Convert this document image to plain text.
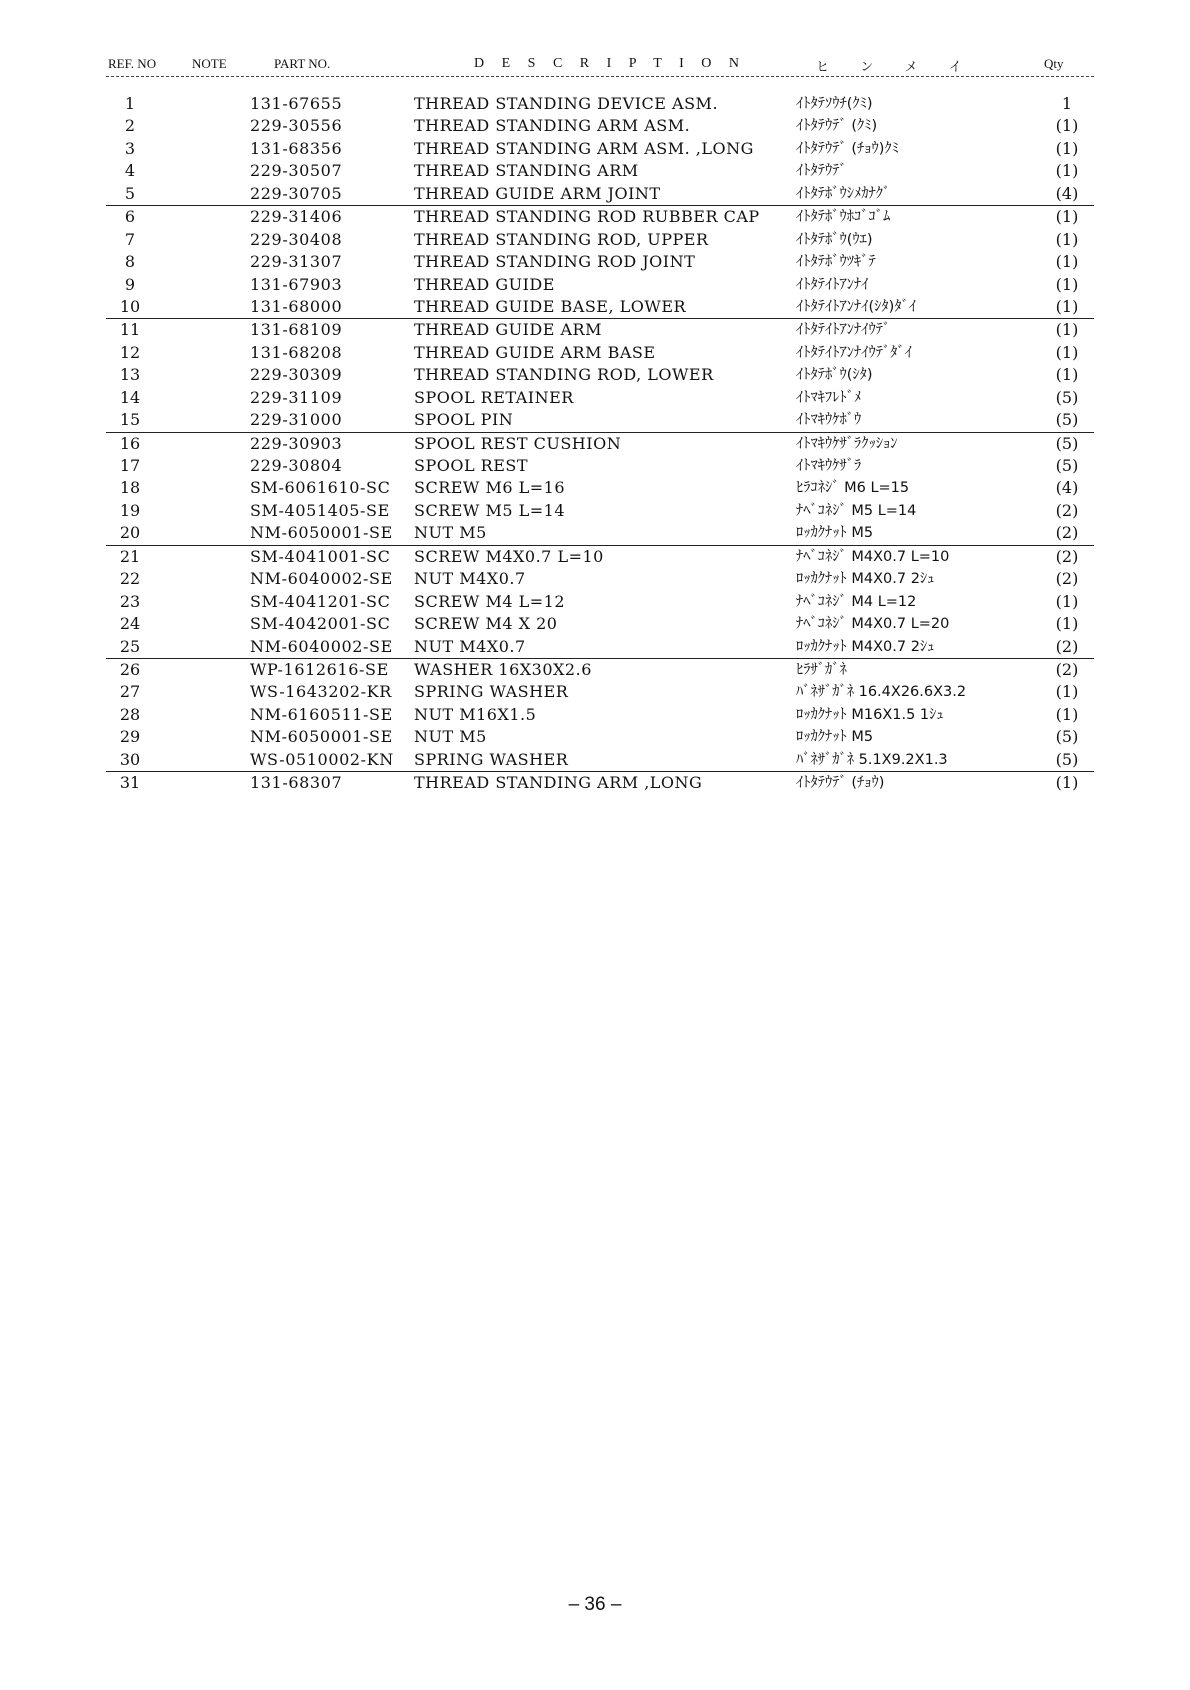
REF. NO	NOTE	PART NO.	D E S C R I P T I O N	ヒ ン メ イ	Qty
1	131-67655	THREAD STANDING DEVICE ASM.	ｲﾄﾀﾃｿｳﾁ(ｸﾐ)	1
2	229-30556	THREAD STANDING ARM ASM.	ｲﾄﾀﾃｳﾃﾞ (ｸﾐ)	(1)
3	131-68356	THREAD STANDING ARM ASM. ,LONG	ｲﾄﾀﾃｳﾃﾞ (ﾁｮｳ)ｸﾐ	(1)
4	229-30507	THREAD STANDING ARM	ｲﾄﾀﾃｳﾃﾞ	(1)
5	229-30705	THREAD GUIDE ARM JOINT	ｲﾄﾀﾃﾎﾞｳｼﾒｶﾅｸﾞ	(4)
6	229-31406	THREAD STANDING ROD RUBBER CAP	ｲﾄﾀﾃﾎﾞｳﾎｺﾞｺﾞﾑ	(1)
7	229-30408	THREAD STANDING ROD, UPPER	ｲﾄﾀﾃﾎﾞｳ(ｳｴ)	(1)
8	229-31307	THREAD STANDING ROD JOINT	ｲﾄﾀﾃﾎﾞｳﾂｷﾞﾃ	(1)
9	131-67903	THREAD GUIDE	ｲﾄﾀﾃｲﾄｱﾝﾅｲ	(1)
10	131-68000	THREAD GUIDE BASE, LOWER	ｲﾄﾀﾃｲﾄｱﾝﾅｲ(ｼﾀ)ﾀﾞｲ	(1)
11	131-68109	THREAD GUIDE ARM	ｲﾄﾀﾃｲﾄｱﾝﾅｲｳﾃﾞ	(1)
12	131-68208	THREAD GUIDE ARM BASE	ｲﾄﾀﾃｲﾄｱﾝﾅｲｳﾃﾞﾀﾞｲ	(1)
13	229-30309	THREAD STANDING ROD, LOWER	ｲﾄﾀﾃﾎﾞｳ(ｼﾀ)	(1)
14	229-31109	SPOOL RETAINER	ｲﾄﾏｷﾌﾚﾄﾞﾒ	(5)
15	229-31000	SPOOL PIN	ｲﾄﾏｷｳｹﾎﾞｳ	(5)
16	229-30903	SPOOL REST CUSHION	ｲﾄﾏｷｳｹｻﾞﾗｸｯｼｮﾝ	(5)
17	229-30804	SPOOL REST	ｲﾄﾏｷｳｹｻﾞﾗ	(5)
18	SM-6061610-SC SCREW M6 L=16	ﾋﾗｺﾈｼﾞ M6 L=15	(4)
19	SM-4051405-SE SCREW M5 L=14	ﾅﾍﾞｺﾈｼﾞ M5 L=14	(2)
20	NM-6050001-SE NUT M5	ﾛｯｶｸﾅｯﾄ M5	(2)
21	SM-4041001-SC SCREW M4X0.7 L=10	ﾅﾍﾞｺﾈｼﾞ M4X0.7 L=10	(2)
22	NM-6040002-SE NUT M4X0.7	ﾛｯｶｸﾅｯﾄ M4X0.7 2ｼｭ	(2)
23	SM-4041201-SC SCREW M4 L=12	ﾅﾍﾞｺﾈｼﾞ M4 L=12	(1)
24	SM-4042001-SC SCREW M4 X 20	ﾅﾍﾞｺﾈｼﾞ M4X0.7 L=20	(1)
25	NM-6040002-SE NUT M4X0.7	ﾛｯｶｸﾅｯﾄ M4X0.7 2ｼｭ	(2)
26	WP-1612616-SE WASHER 16X30X2.6	ﾋﾗｻﾞｶﾞﾈ	(2)
27	WS-1643202-KR SPRING WASHER	ﾊﾞﾈｻﾞｶﾞﾈ 16.4X26.6X3.2	(1)
28	NM-6160511-SE NUT M16X1.5	ﾛｯｶｸﾅｯﾄ M16X1.5 1ｼｭ	(1)
29	NM-6050001-SE NUT M5	ﾛｯｶｸﾅｯﾄ M5	(5)
30	WS-0510002-KN SPRING WASHER	ﾊﾞﾈｻﾞｶﾞﾈ 5.1X9.2X1.3	(5)
31	131-68307	THREAD STANDING ARM ,LONG	ｲﾄﾀﾃｳﾃﾞ (ﾁｮｳ)	(1)
– 36 –
